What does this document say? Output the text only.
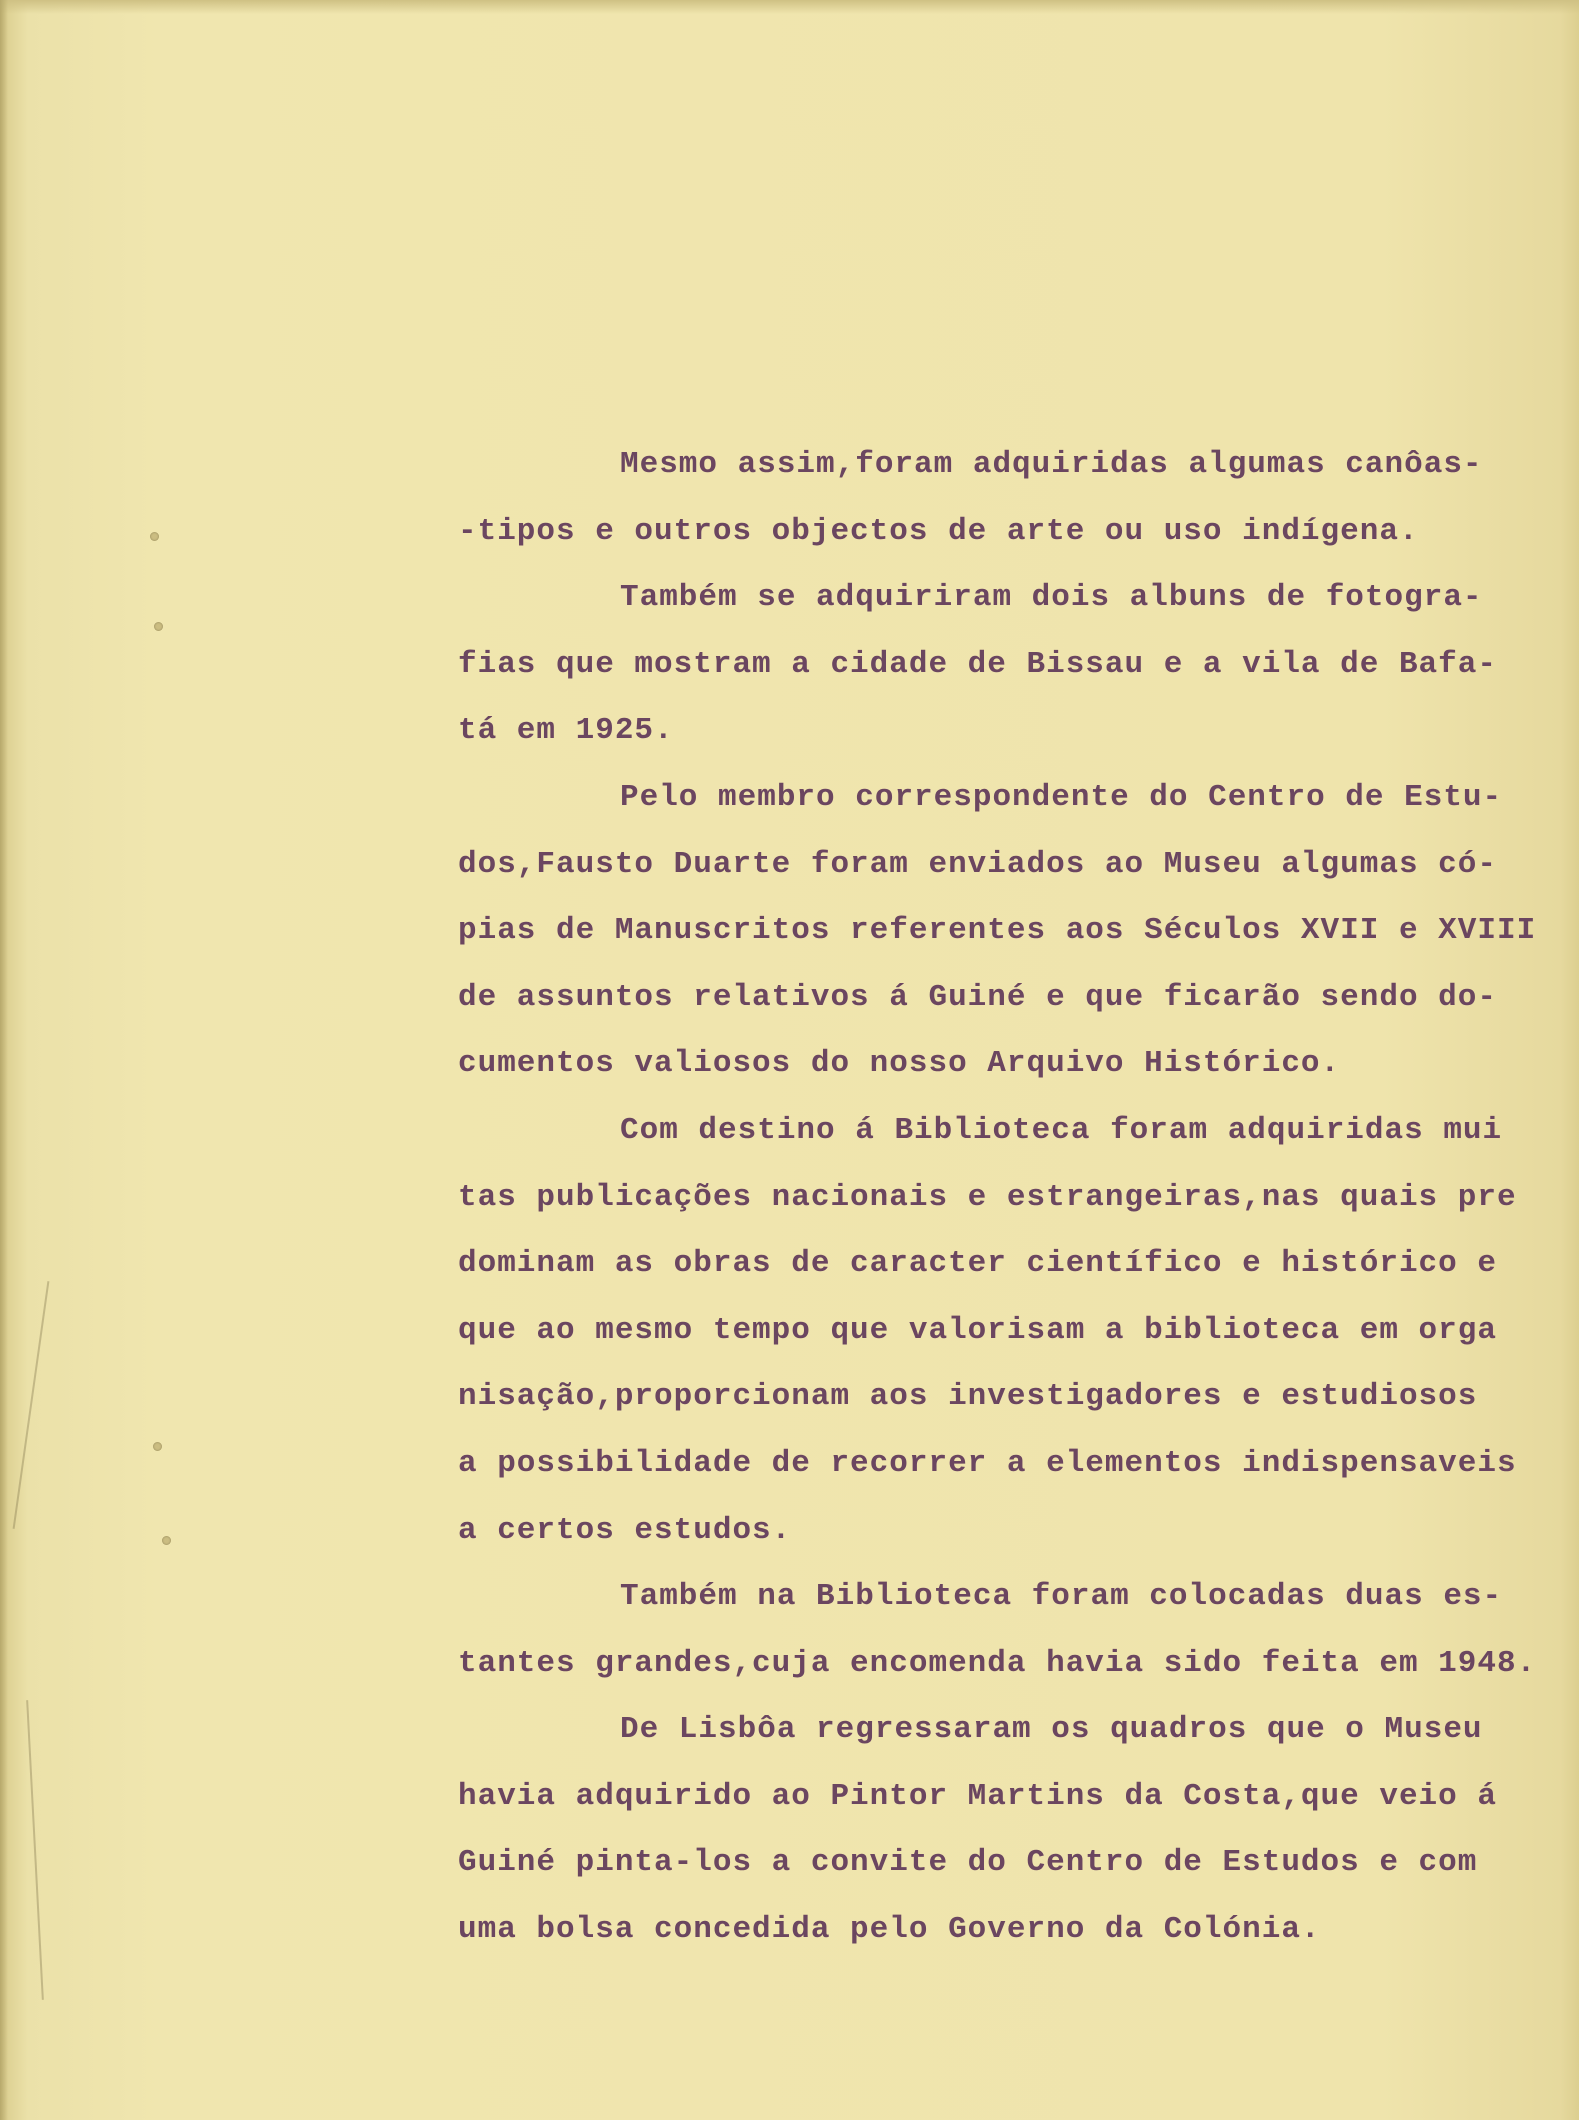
Mesmo assim,foram adquiridas algumas canôas-
-tipos e outros objectos de arte ou uso indígena.
Também se adquiriram dois albuns de fotogra-
fias que mostram a cidade de Bissau e a vila de Bafa-
tá em 1925.
Pelo membro correspondente do Centro de Estu-
dos,Fausto Duarte foram enviados ao Museu algumas có-
pias de Manuscritos referentes aos Séculos XVII e XVIII
de assuntos relativos á Guiné e que ficarão sendo do-
cumentos valiosos do nosso Arquivo Histórico.
Com destino á Biblioteca foram adquiridas mui
tas publicações nacionais e estrangeiras,nas quais pre
dominam as obras de caracter científico e histórico e
que ao mesmo tempo que valorisam a biblioteca em orga
nisação,proporcionam aos investigadores e estudiosos
a possibilidade de recorrer a elementos indispensaveis
a certos estudos.
Também na Biblioteca foram colocadas duas es-
tantes grandes,cuja encomenda havia sido feita em 1948.
De Lisbôa regressaram os quadros que o Museu
havia adquirido ao Pintor Martins da Costa,que veio á
Guiné pinta-los a convite do Centro de Estudos e com
uma bolsa concedida pelo Governo da Colónia.
